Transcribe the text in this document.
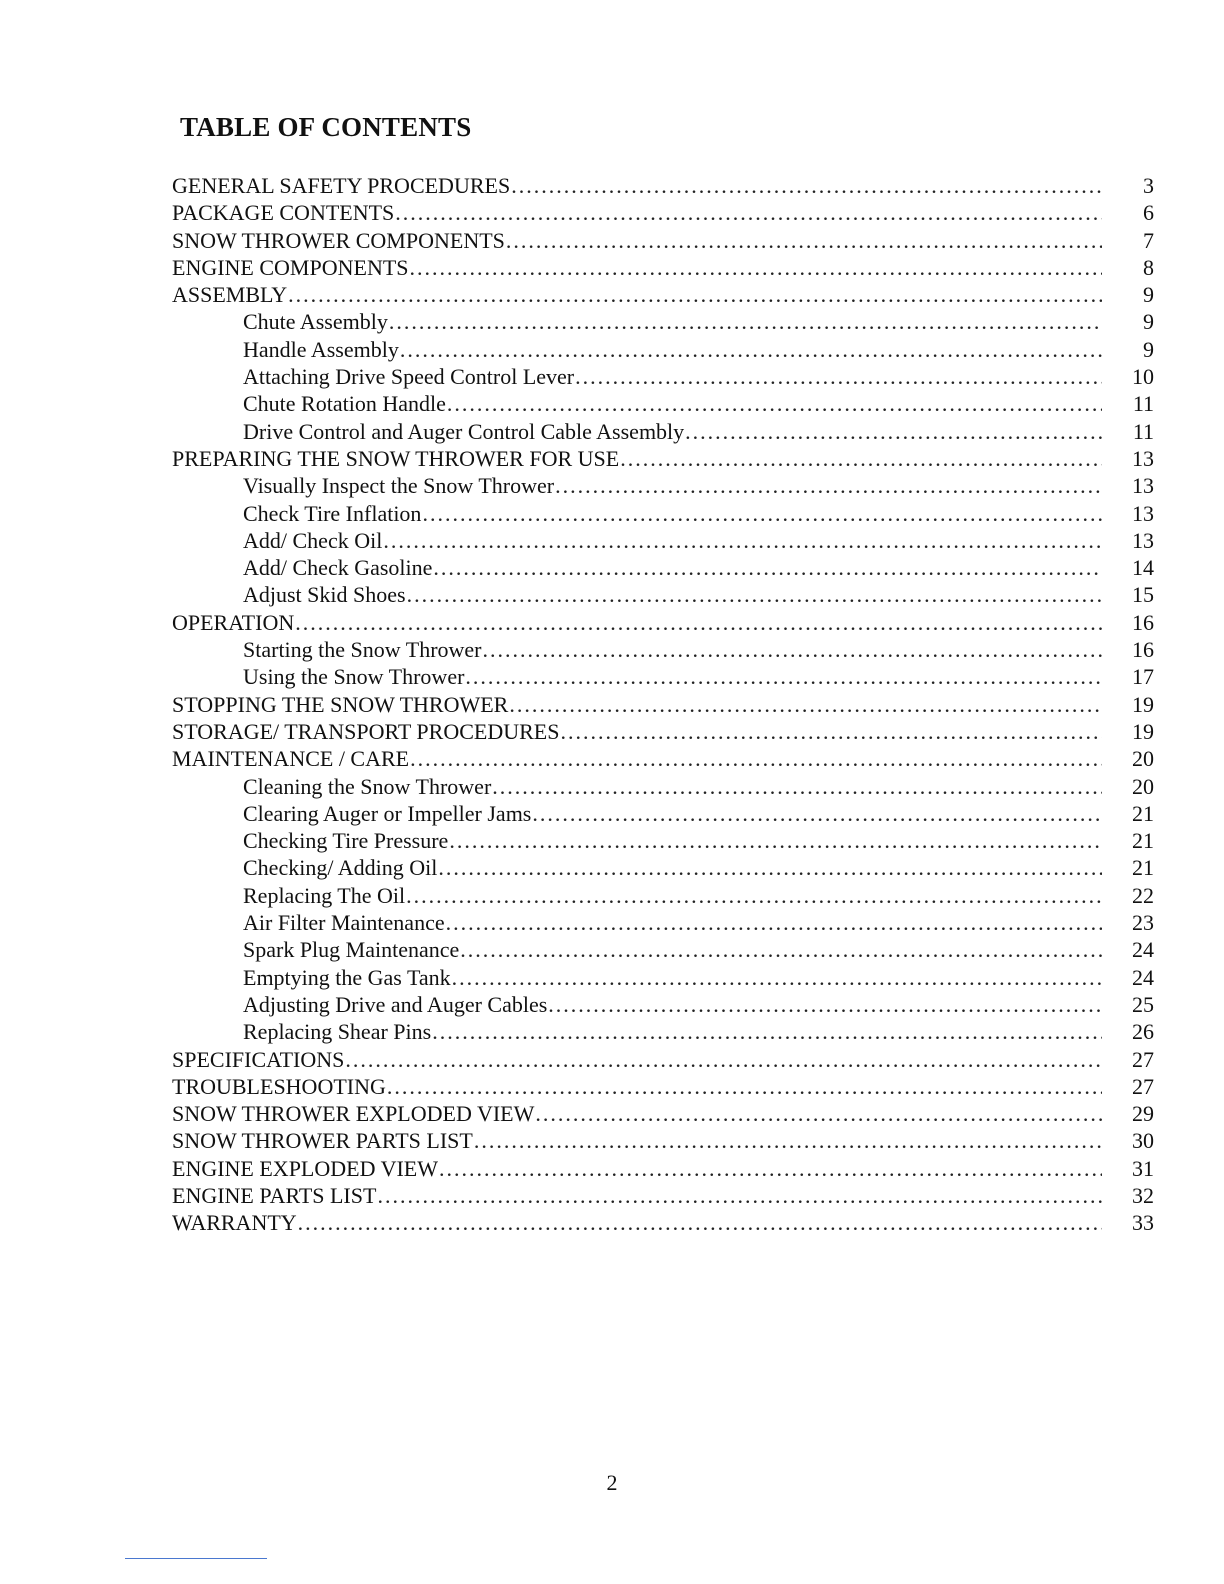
TABLE OF CONTENTS
GENERAL SAFETY PROCEDURES .....	3
PACKAGE CONTENTS .....	6
SNOW THROWER COMPONENTS .....	7
ENGINE COMPONENTS .....	8
ASSEMBLY .....	9
Chute Assembly .....	9
Handle Assembly .....	9
Attaching Drive Speed Control Lever .....	10
Chute Rotation Handle .....	11
Drive Control and Auger Control Cable Assembly .....	11
PREPARING THE SNOW THROWER FOR USE .....	13
Visually Inspect the Snow Thrower .....	13
Check Tire Inflation .....	13
Add/ Check Oil .....	13
Add/ Check Gasoline .....	14
Adjust Skid Shoes .....	15
OPERATION .....	16
Starting the Snow Thrower .....	16
Using the Snow Thrower .....	17
STOPPING THE SNOW THROWER .....	19
STORAGE/ TRANSPORT PROCEDURES .....	19
MAINTENANCE / CARE .....	20
Cleaning the Snow Thrower .....	20
Clearing Auger or Impeller Jams .....	21
Checking Tire Pressure .....	21
Checking/ Adding Oil .....	21
Replacing The Oil .....	22
Air Filter Maintenance .....	23
Spark Plug Maintenance .....	24
Emptying the Gas Tank .....	24
Adjusting Drive and Auger Cables .....	25
Replacing Shear Pins .....	26
SPECIFICATIONS .....	27
TROUBLESHOOTING .....	27
SNOW THROWER EXPLODED VIEW .....	29
SNOW THROWER PARTS LIST .....	30
ENGINE EXPLODED VIEW .....	31
ENGINE PARTS LIST .....	32
WARRANTY .....	33
2
